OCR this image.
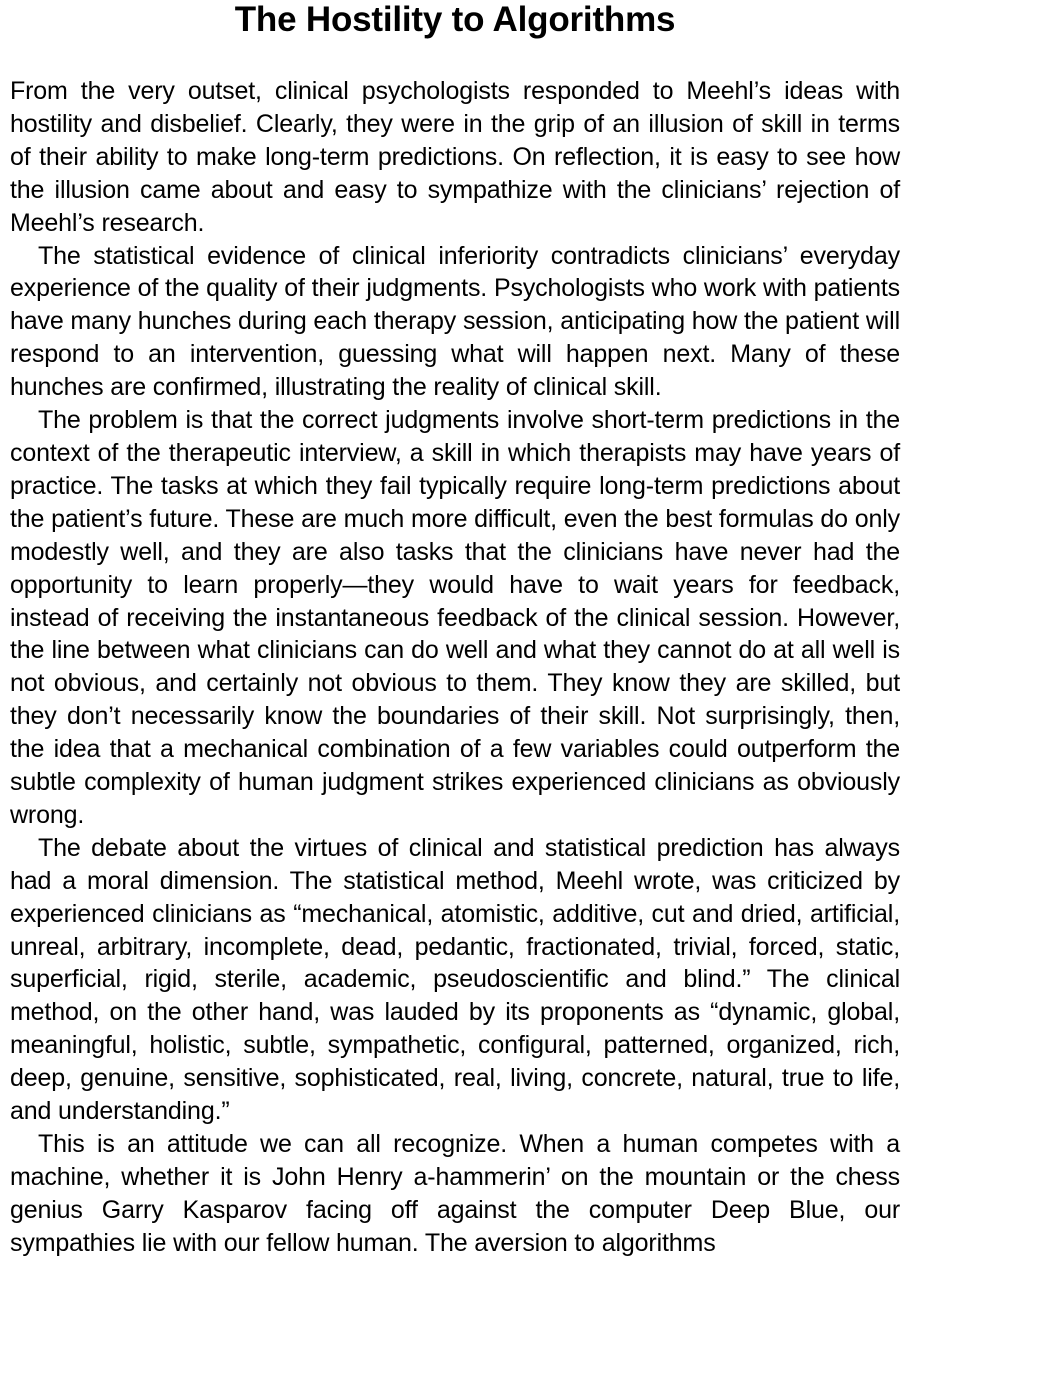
The Hostility to Algorithms

From the very outset, clinical psychologists responded to Meehl’s ideas with hostility and disbelief. Clearly, they were in the grip of an illusion of skill in terms of their ability to make long-term predictions. On reflection, it is easy to see how the illusion came about and easy to sympathize with the clinicians’ rejection of Meehl’s research.

The statistical evidence of clinical inferiority contradicts clinicians’ everyday experience of the quality of their judgments. Psychologists who work with patients have many hunches during each therapy session, anticipating how the patient will respond to an intervention, guessing what will happen next. Many of these hunches are confirmed, illustrating the reality of clinical skill.

The problem is that the correct judgments involve short-term predictions in the context of the therapeutic interview, a skill in which therapists may have years of practice. The tasks at which they fail typically require long-term predictions about the patient’s future. These are much more difficult, even the best formulas do only modestly well, and they are also tasks that the clinicians have never had the opportunity to learn properly—they would have to wait years for feedback, instead of receiving the instantaneous feedback of the clinical session. However, the line between what clinicians can do well and what they cannot do at all well is not obvious, and certainly not obvious to them. They know they are skilled, but they don’t necessarily know the boundaries of their skill. Not surprisingly, then, the idea that a mechanical combination of a few variables could outperform the subtle complexity of human judgment strikes experienced clinicians as obviously wrong.

The debate about the virtues of clinical and statistical prediction has always had a moral dimension. The statistical method, Meehl wrote, was criticized by experienced clinicians as “mechanical, atomistic, additive, cut and dried, artificial, unreal, arbitrary, incomplete, dead, pedantic, fractionated, trivial, forced, static, superficial, rigid, sterile, academic, pseudoscientific and blind.” The clinical method, on the other hand, was lauded by its proponents as “dynamic, global, meaningful, holistic, subtle, sympathetic, configural, patterned, organized, rich, deep, genuine, sensitive, sophisticated, real, living, concrete, natural, true to life, and understanding.”

This is an attitude we can all recognize. When a human competes with a machine, whether it is John Henry a-hammerin’ on the mountain or the chess genius Garry Kasparov facing off against the computer Deep Blue, our sympathies lie with our fellow human. The aversion to algorithms
